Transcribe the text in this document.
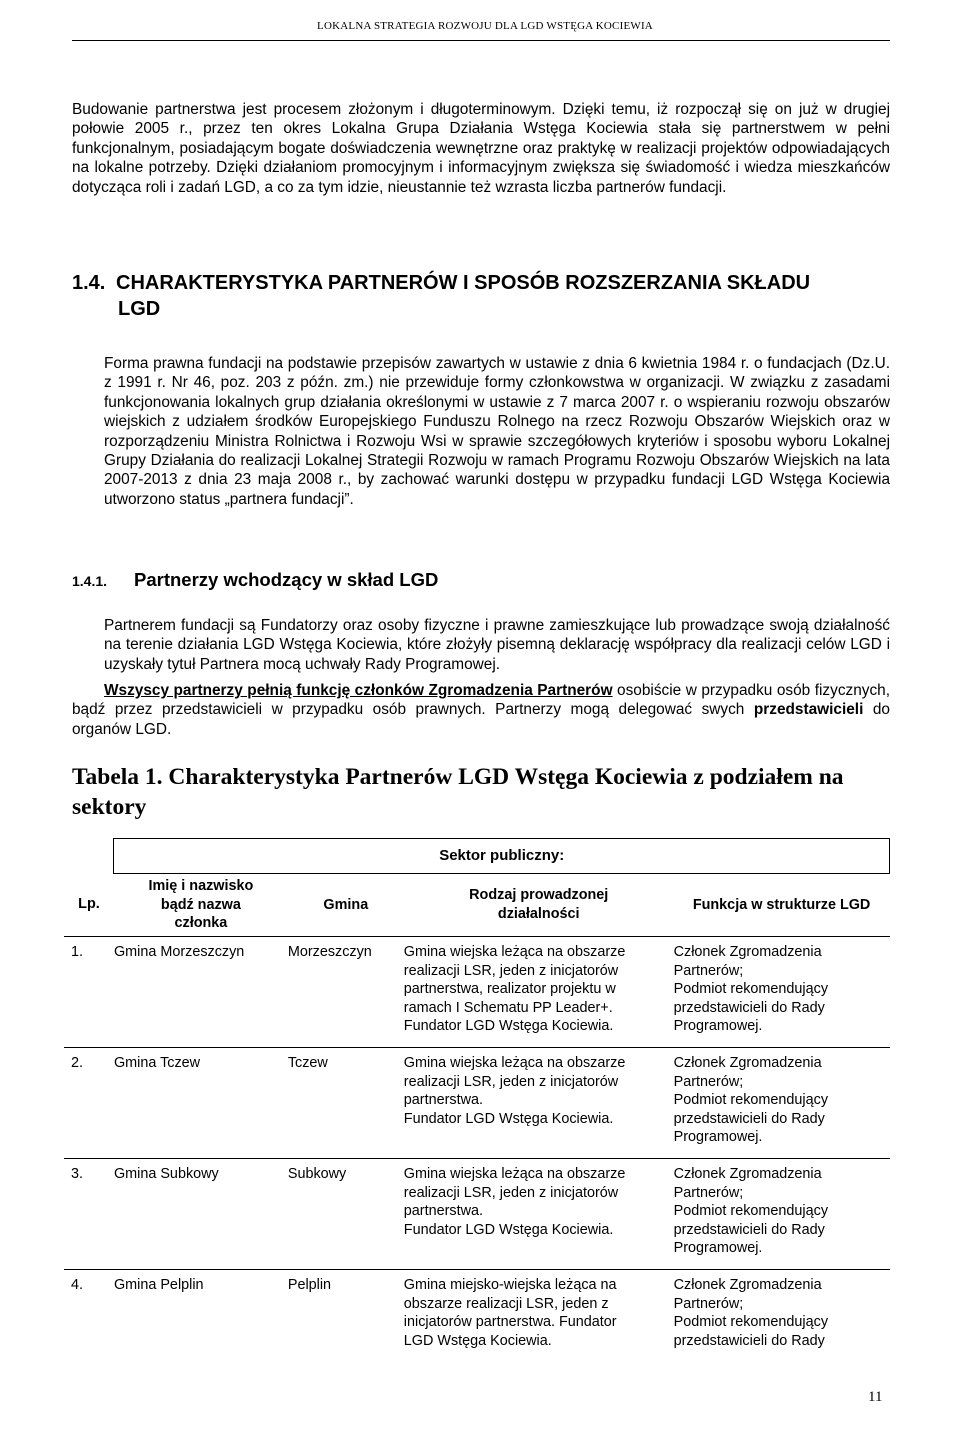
LOKALNA STRATEGIA ROZWOJU DLA LGD WSTĘGA KOCIEWIA

Budowanie partnerstwa jest procesem złożonym i długoterminowym. Dzięki temu, iż rozpoczął się on już w drugiej połowie 2005 r., przez ten okres Lokalna Grupa Działania Wstęga Kociewia stała się partnerstwem w pełni funkcjonalnym, posiadającym bogate doświadczenia wewnętrzne oraz praktykę w realizacji projektów odpowiadających na lokalne potrzeby. Dzięki działaniom promocyjnym i informacyjnym zwiększa się świadomość i wiedza mieszkańców dotycząca roli i zadań LGD, a co za tym idzie, nieustannie też wzrasta liczba partnerów fundacji.

1.4. CHARAKTERYSTYKA PARTNERÓW I SPOSÓB ROZSZERZANIA SKŁADU
LGD

Forma prawna fundacji na podstawie przepisów zawartych w ustawie z dnia 6 kwietnia 1984 r. o fundacjach (Dz.U. z 1991 r. Nr 46, poz. 203 z późn. zm.) nie przewiduje formy członkowstwa w organizacji. W związku z zasadami funkcjonowania lokalnych grup działania określonymi w ustawie z 7 marca 2007 r. o wspieraniu rozwoju obszarów wiejskich z udziałem środków Europejskiego Funduszu Rolnego na rzecz Rozwoju Obszarów Wiejskich oraz w rozporządzeniu Ministra Rolnictwa i Rozwoju Wsi w sprawie szczegółowych kryteriów i sposobu wyboru Lokalnej Grupy Działania do realizacji Lokalnej Strategii Rozwoju w ramach Programu Rozwoju Obszarów Wiejskich na lata 2007-2013 z dnia 23 maja 2008 r., by zachować warunki dostępu w przypadku fundacji LGD Wstęga Kociewia utworzono status „partnera fundacji”.

1.4.1. Partnerzy wchodzący w skład LGD

Partnerem fundacji są Fundatorzy oraz osoby fizyczne i prawne zamieszkujące lub prowadzące swoją działalność na terenie działania LGD Wstęga Kociewia, które złożyły pisemną deklarację współpracy dla realizacji celów LGD i uzyskały tytuł Partnera mocą uchwały Rady Programowej.

Wszyscy partnerzy pełnią funkcję członków Zgromadzenia Partnerów osobiście w przypadku osób fizycznych, bądź przez przedstawicieli w przypadku osób prawnych. Partnerzy mogą delegować swych przedstawicieli do organów LGD.

Tabela 1. Charakterystyka Partnerów LGD Wstęga Kociewia z podziałem na sektory
	Sektor publiczny:			
Lp.	Imię i nazwisko bądź nazwa członka	Gmina	Rodzaj prowadzonej działalności	Funkcja w strukturze LGD
1.	Gmina Morzeszczyn	Morzeszczyn	Gmina wiejska leżąca na obszarze
realizacji LSR, jeden z inicjatorów
partnerstwa, realizator projektu w
ramach I Schematu PP Leader+.
Fundator LGD Wstęga Kociewia.	Członek Zgromadzenia
Partnerów;
Podmiot rekomendujący
przedstawicieli do Rady
Programowej.
2.	Gmina Tczew	Tczew	Gmina wiejska leżąca na obszarze
realizacji LSR, jeden z inicjatorów
partnerstwa.
Fundator LGD Wstęga Kociewia.	Członek Zgromadzenia
Partnerów;
Podmiot rekomendujący
przedstawicieli do Rady
Programowej.
3.	Gmina Subkowy	Subkowy	Gmina wiejska leżąca na obszarze
realizacji LSR, jeden z inicjatorów
partnerstwa.
Fundator LGD Wstęga Kociewia.	Członek Zgromadzenia
Partnerów;
Podmiot rekomendujący
przedstawicieli do Rady
Programowej.
4.	Gmina Pelplin	Pelplin	Gmina miejsko-wiejska leżąca na
obszarze realizacji LSR, jeden z
inicjatorów partnerstwa. Fundator
LGD Wstęga Kociewia.	Członek Zgromadzenia
Partnerów;
Podmiot rekomendujący
przedstawicieli do Rady
11
